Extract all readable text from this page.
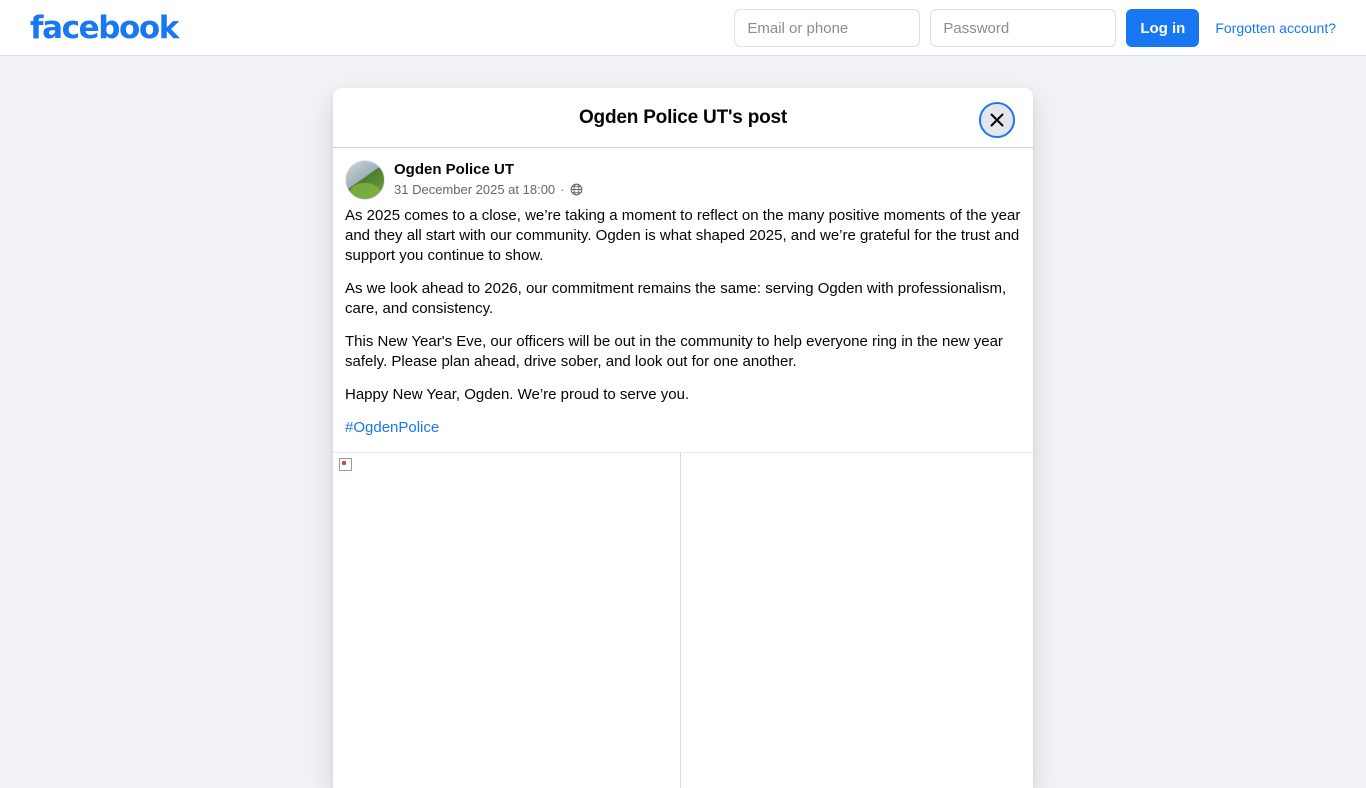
facebook
Email or phone	Log in	Forgotten account?
Ogden Police UT's post
Ogden Police UT
31 December 2025 at 18:00 ·

As 2025 comes to a close, we’re taking a moment to reflect on the many positive moments of the year and they all start with our community. Ogden is what shaped 2025, and we’re grateful for the trust and support you continue to show.

As we look ahead to 2026, our commitment remains the same: serving Ogden with professionalism, care, and consistency.

This New Year's Eve, our officers will be out in the community to help everyone ring in the new year safely. Please plan ahead, drive sober, and look out for one another.

Happy New Year, Ogden. We’re proud to serve you.

#OgdenPolice
